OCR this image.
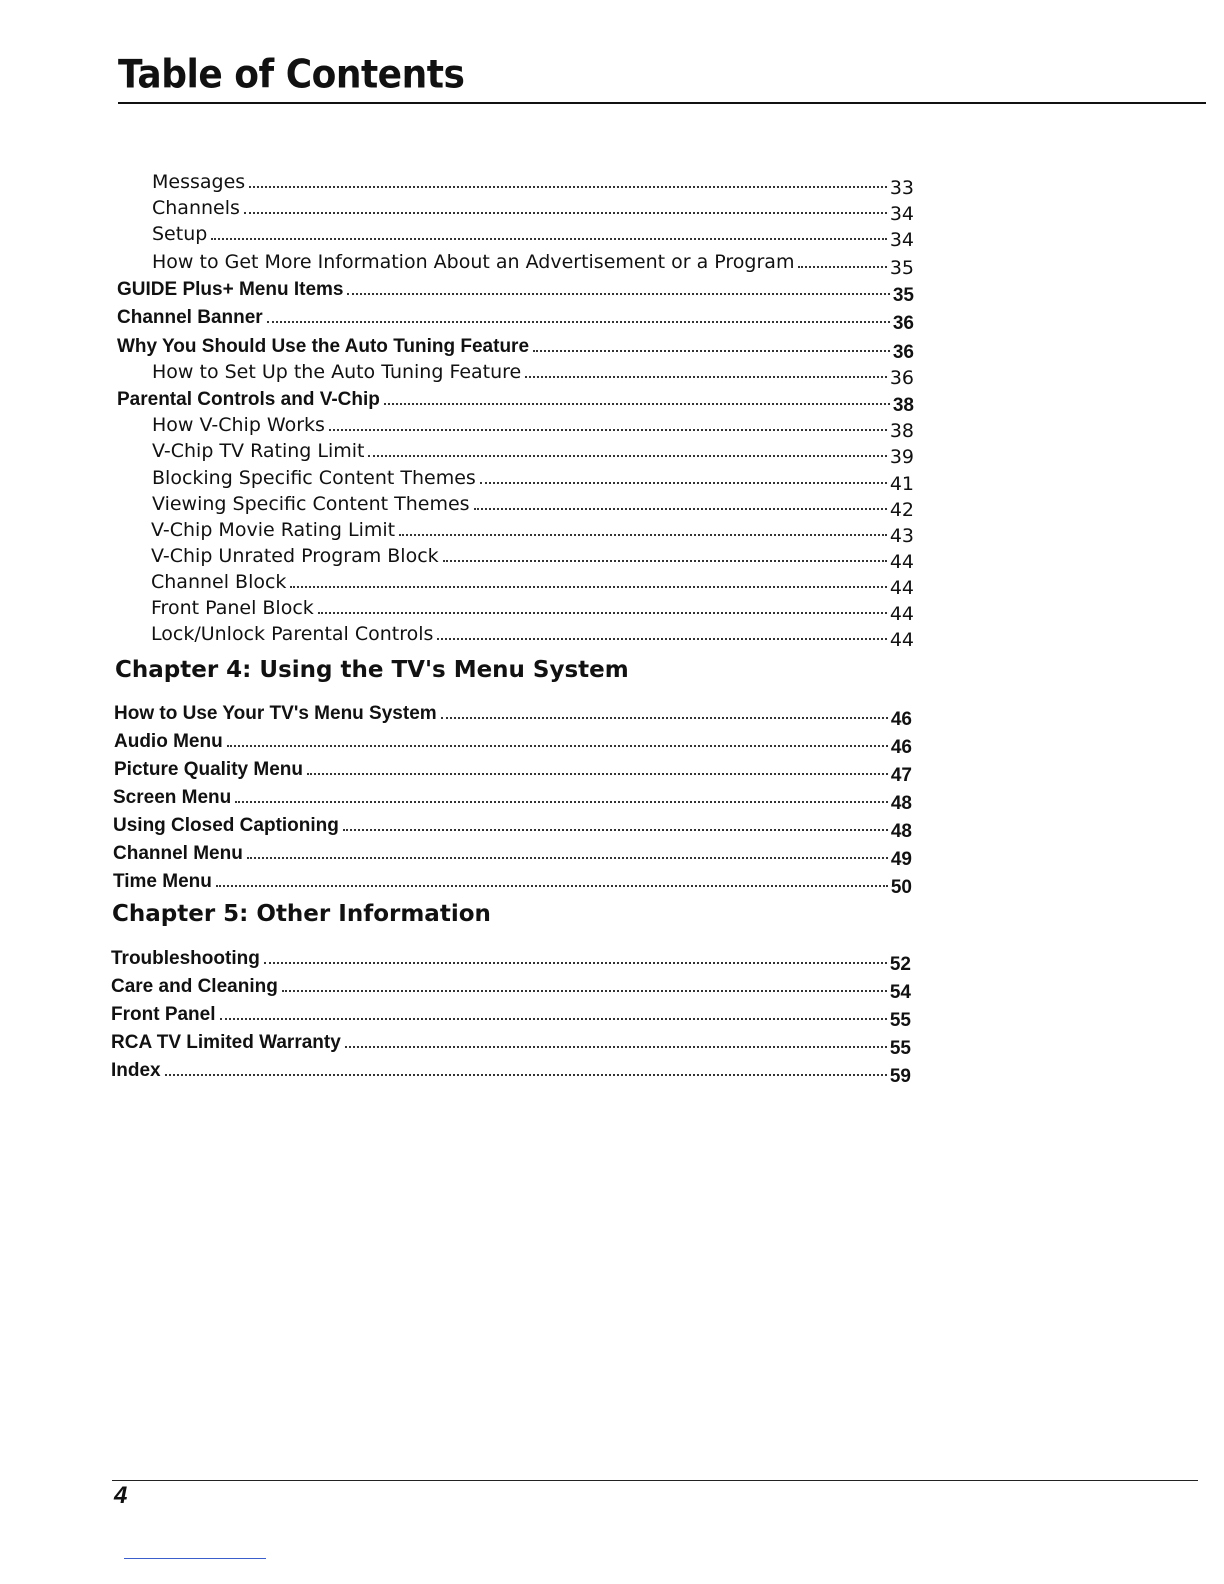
Table of Contents
Messages	33
Channels	34
Setup	34
How to Get More Information About an Advertisement or a Program	35
GUIDE Plus+ Menu Items	35
Channel Banner	36
Why You Should Use the Auto Tuning Feature	36
How to Set Up the Auto Tuning Feature	36
Parental Controls and V-Chip	38
How V-Chip Works	38
V-Chip TV Rating Limit	39
Blocking Specific Content Themes	41
Viewing Specific Content Themes	42
V-Chip Movie Rating Limit	43
V-Chip Unrated Program Block	44
Channel Block	44
Front Panel Block	44
Lock/Unlock Parental Controls	44
Chapter 4: Using the TV's Menu System
How to Use Your TV's Menu System	46
Audio Menu	46
Picture Quality Menu	47
Screen Menu	48
Using Closed Captioning	48
Channel Menu	49
Time Menu	50
Chapter 5: Other Information
Troubleshooting	52
Care and Cleaning	54
Front Panel	55
RCA TV Limited Warranty	55
Index	59
4
